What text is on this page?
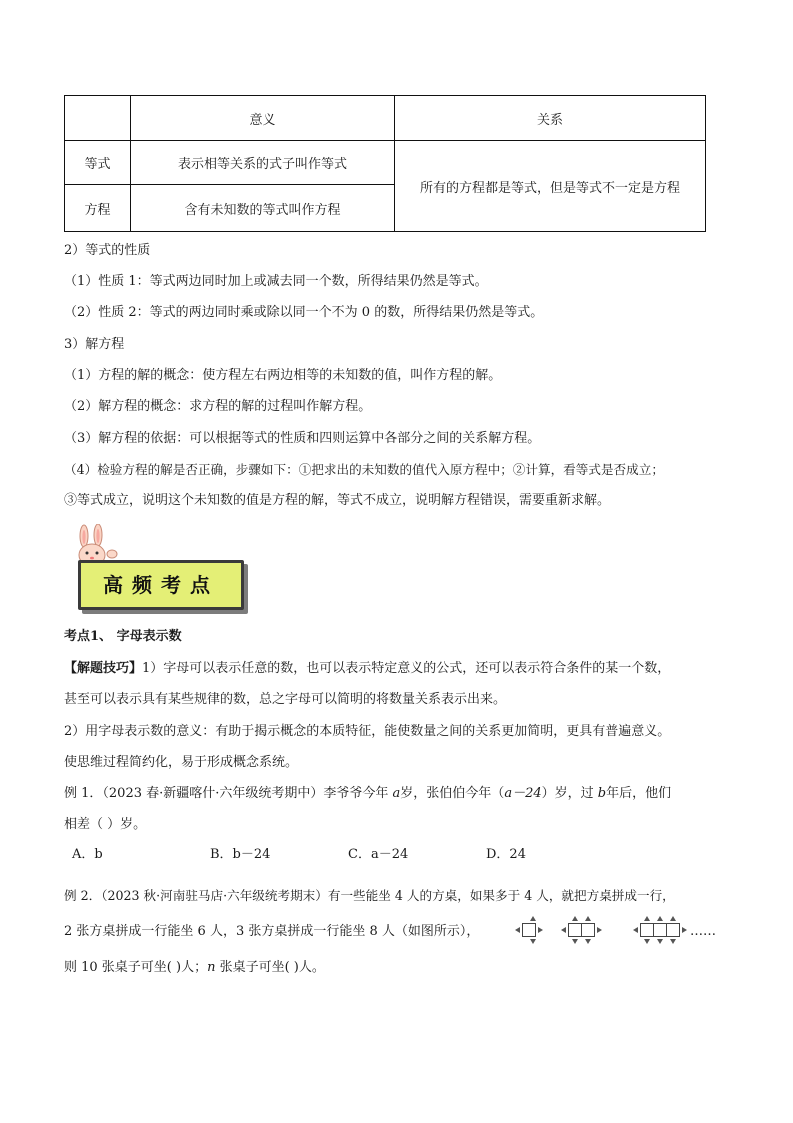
	意义	关系
等式	表示相等关系的式子叫作等式	所有的方程都是等式，但是等式不一定是方程
方程	含有未知数的等式叫作方程	
2）等式的性质
（1）性质 1：等式两边同时加上或减去同一个数，所得结果仍然是等式。
（2）性质 2：等式的两边同时乘或除以同一个不为 0 的数，所得结果仍然是等式。
3）解方程
（1）方程的解的概念：使方程左右两边相等的未知数的值，叫作方程的解。
（2）解方程的概念：求方程的解的过程叫作解方程。
（3）解方程的依据：可以根据等式的性质和四则运算中各部分之间的关系解方程。
（4）检验方程的解是否正确，步骤如下：①把求出的未知数的值代入原方程中；②计算，看等式是否成立；
③等式成立，说明这个未知数的值是方程的解，等式不成立，说明解方程错误，需要重新求解。
高频考点
考点1、 字母表示数
【解题技巧】1）字母可以表示任意的数，也可以表示特定意义的公式，还可以表示符合条件的某一个数，
甚至可以表示具有某些规律的数，总之字母可以简明的将数量关系表示出来。
2）用字母表示数的意义：有助于揭示概念的本质特征，能使数量之间的关系更加简明，更具有普遍意义。
使思维过程简约化，易于形成概念系统。
例 1．（2023 春·新疆喀什·六年级统考期中）李爷爷今年 a岁，张伯伯今年（a－24）岁，过 b年后，他们
相差（ ）岁。
A．b	B．b－24	C．a－24	D．24
例 2．（2023 秋·河南驻马店·六年级统考期末）有一些能坐 4 人的方桌，如果多于 4 人，就把方桌拼成一行，
2 张方桌拼成一行能坐 6 人，3 张方桌拼成一行能坐 8 人（如图所示），	……
则 10 张桌子可坐( )人；n 张桌子可坐( )人。
